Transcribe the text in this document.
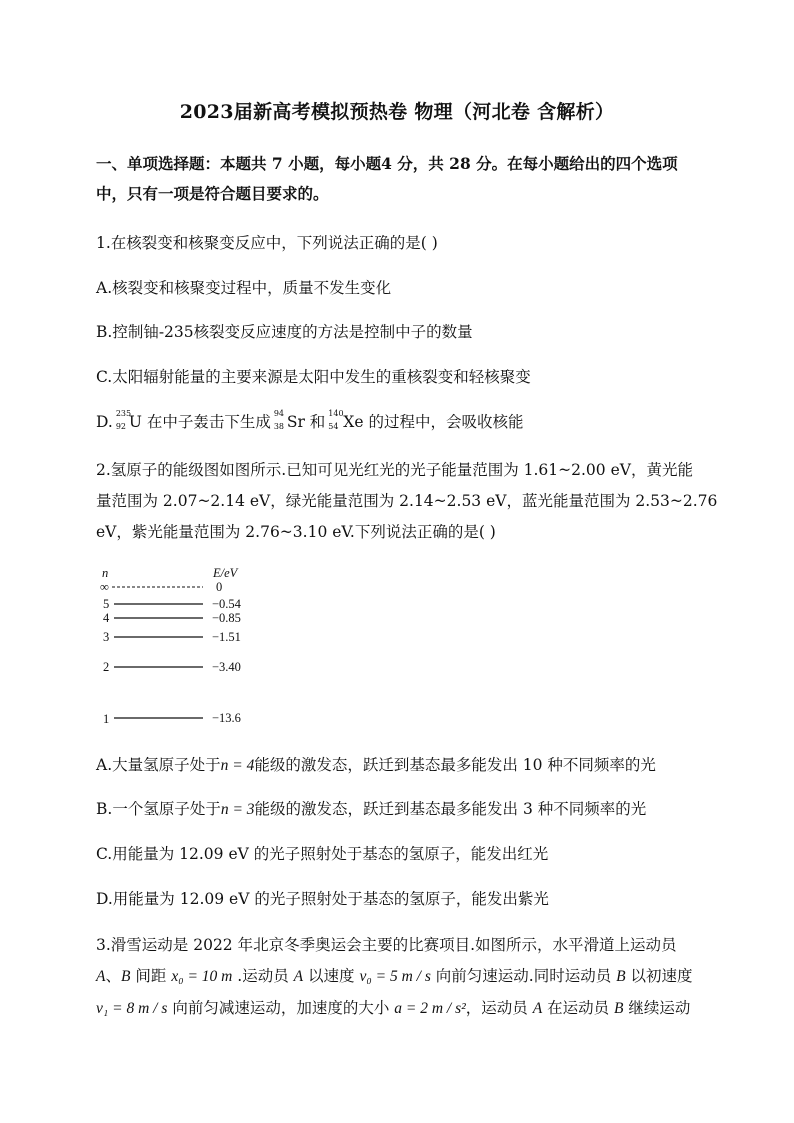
2023届新高考模拟预热卷 物理（河北卷 含解析）
一、单项选择题：本题共 7 小题，每小题4 分，共 28 分。在每小题给出的四个选项中，只有一项是符合题目要求的。
1.在核裂变和核聚变反应中，下列说法正确的是( )
A.核裂变和核聚变过程中，质量不发生变化
B.控制铀-235核裂变反应速度的方法是控制中子的数量
C.太阳辐射能量的主要来源是太阳中发生的重核裂变和轻核聚变
D. 235
92 U 在中子轰击下生成 94
38 Sr 和 140
54 Xe 的过程中，会吸收核能
2.氢原子的能级图如图所示.已知可见光红光的光子能量范围为 1.61~2.00 eV，黄光能
量范围为 2.07~2.14 eV，绿光能量范围为 2.14~2.53 eV，蓝光能量范围为 2.53~2.76
eV，紫光能量范围为 2.76~3.10 eV.下列说法正确的是( )
n	E/eV
∞	0
5	−0.54
4	−0.85
3	−1.51
2	−3.40
1	−13.6
A.大量氢原子处于n = 4能级的激发态，跃迁到基态最多能发出 10 种不同频率的光
B.一个氢原子处于n = 3能级的激发态，跃迁到基态最多能发出 3 种不同频率的光
C.用能量为 12.09 eV 的光子照射处于基态的氢原子，能发出红光
D.用能量为 12.09 eV 的光子照射处于基态的氢原子，能发出紫光
3.滑雪运动是 2022 年北京冬季奥运会主要的比赛项目.如图所示，水平滑道上运动员
A、B 间距 x₀ = 10 m .运动员 A 以速度 v₀ = 5 m / s 向前匀速运动.同时运动员 B 以初速度
v₁ = 8 m / s 向前匀减速运动，加速度的大小 a = 2 m / s²，运动员 A 在运动员 B 继续运动
